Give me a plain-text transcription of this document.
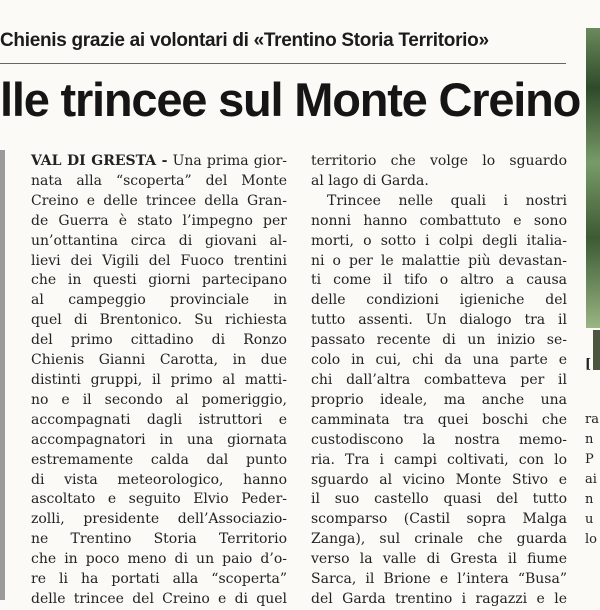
Chienis grazie ai volontari di «Trentino Storia Territorio»
lle trincee sul Monte Creino
VAL DI GRESTA - Una prima gior-
nata alla “scoperta” del Monte
Creino e delle trincee della Gran-
de Guerra è stato l’impegno per
un’ottantina circa di giovani al-
lievi dei Vigili del Fuoco trentini
che in questi giorni partecipano
al campeggio provinciale in
quel di Brentonico. Su richiesta
del primo cittadino di Ronzo
Chienis Gianni Carotta, in due
distinti gruppi, il primo al matti-
no e il secondo al pomeriggio,
accompagnati dagli istruttori e
accompagnatori in una giornata
estremamente calda dal punto
di vista meteorologico, hanno
ascoltato e seguito Elvio Peder-
zolli, presidente dell’Associazio-
ne Trentino Storia Territorio
che in poco meno di un paio d’o-
re li ha portati alla “scoperta”
delle trincee del Creino e di quel
territorio che volge lo sguardo
al lago di Garda.
Trincee nelle quali i nostri
nonni hanno combattuto e sono
morti, o sotto i colpi degli italia-
ni o per le malattie più devastan-
ti come il tifo o altro a causa
delle condizioni igieniche del
tutto assenti. Un dialogo tra il
passato recente di un inizio se-
colo in cui, chi da una parte e
chi dall’altra combatteva per il
proprio ideale, ma anche una
camminata tra quei boschi che
custodiscono la nostra memo-
ria. Tra i campi coltivati, con lo
sguardo al vicino Monte Stivo e
il suo castello quasi del tutto
scomparso (Castil sopra Malga
Zanga), sul crinale che guarda
verso la valle di Gresta il fiume
Sarca, il Brione e l’intera “Busa”
del Garda trentino i ragazzi e le
[
ra
n
P
ai
n
u
lo
